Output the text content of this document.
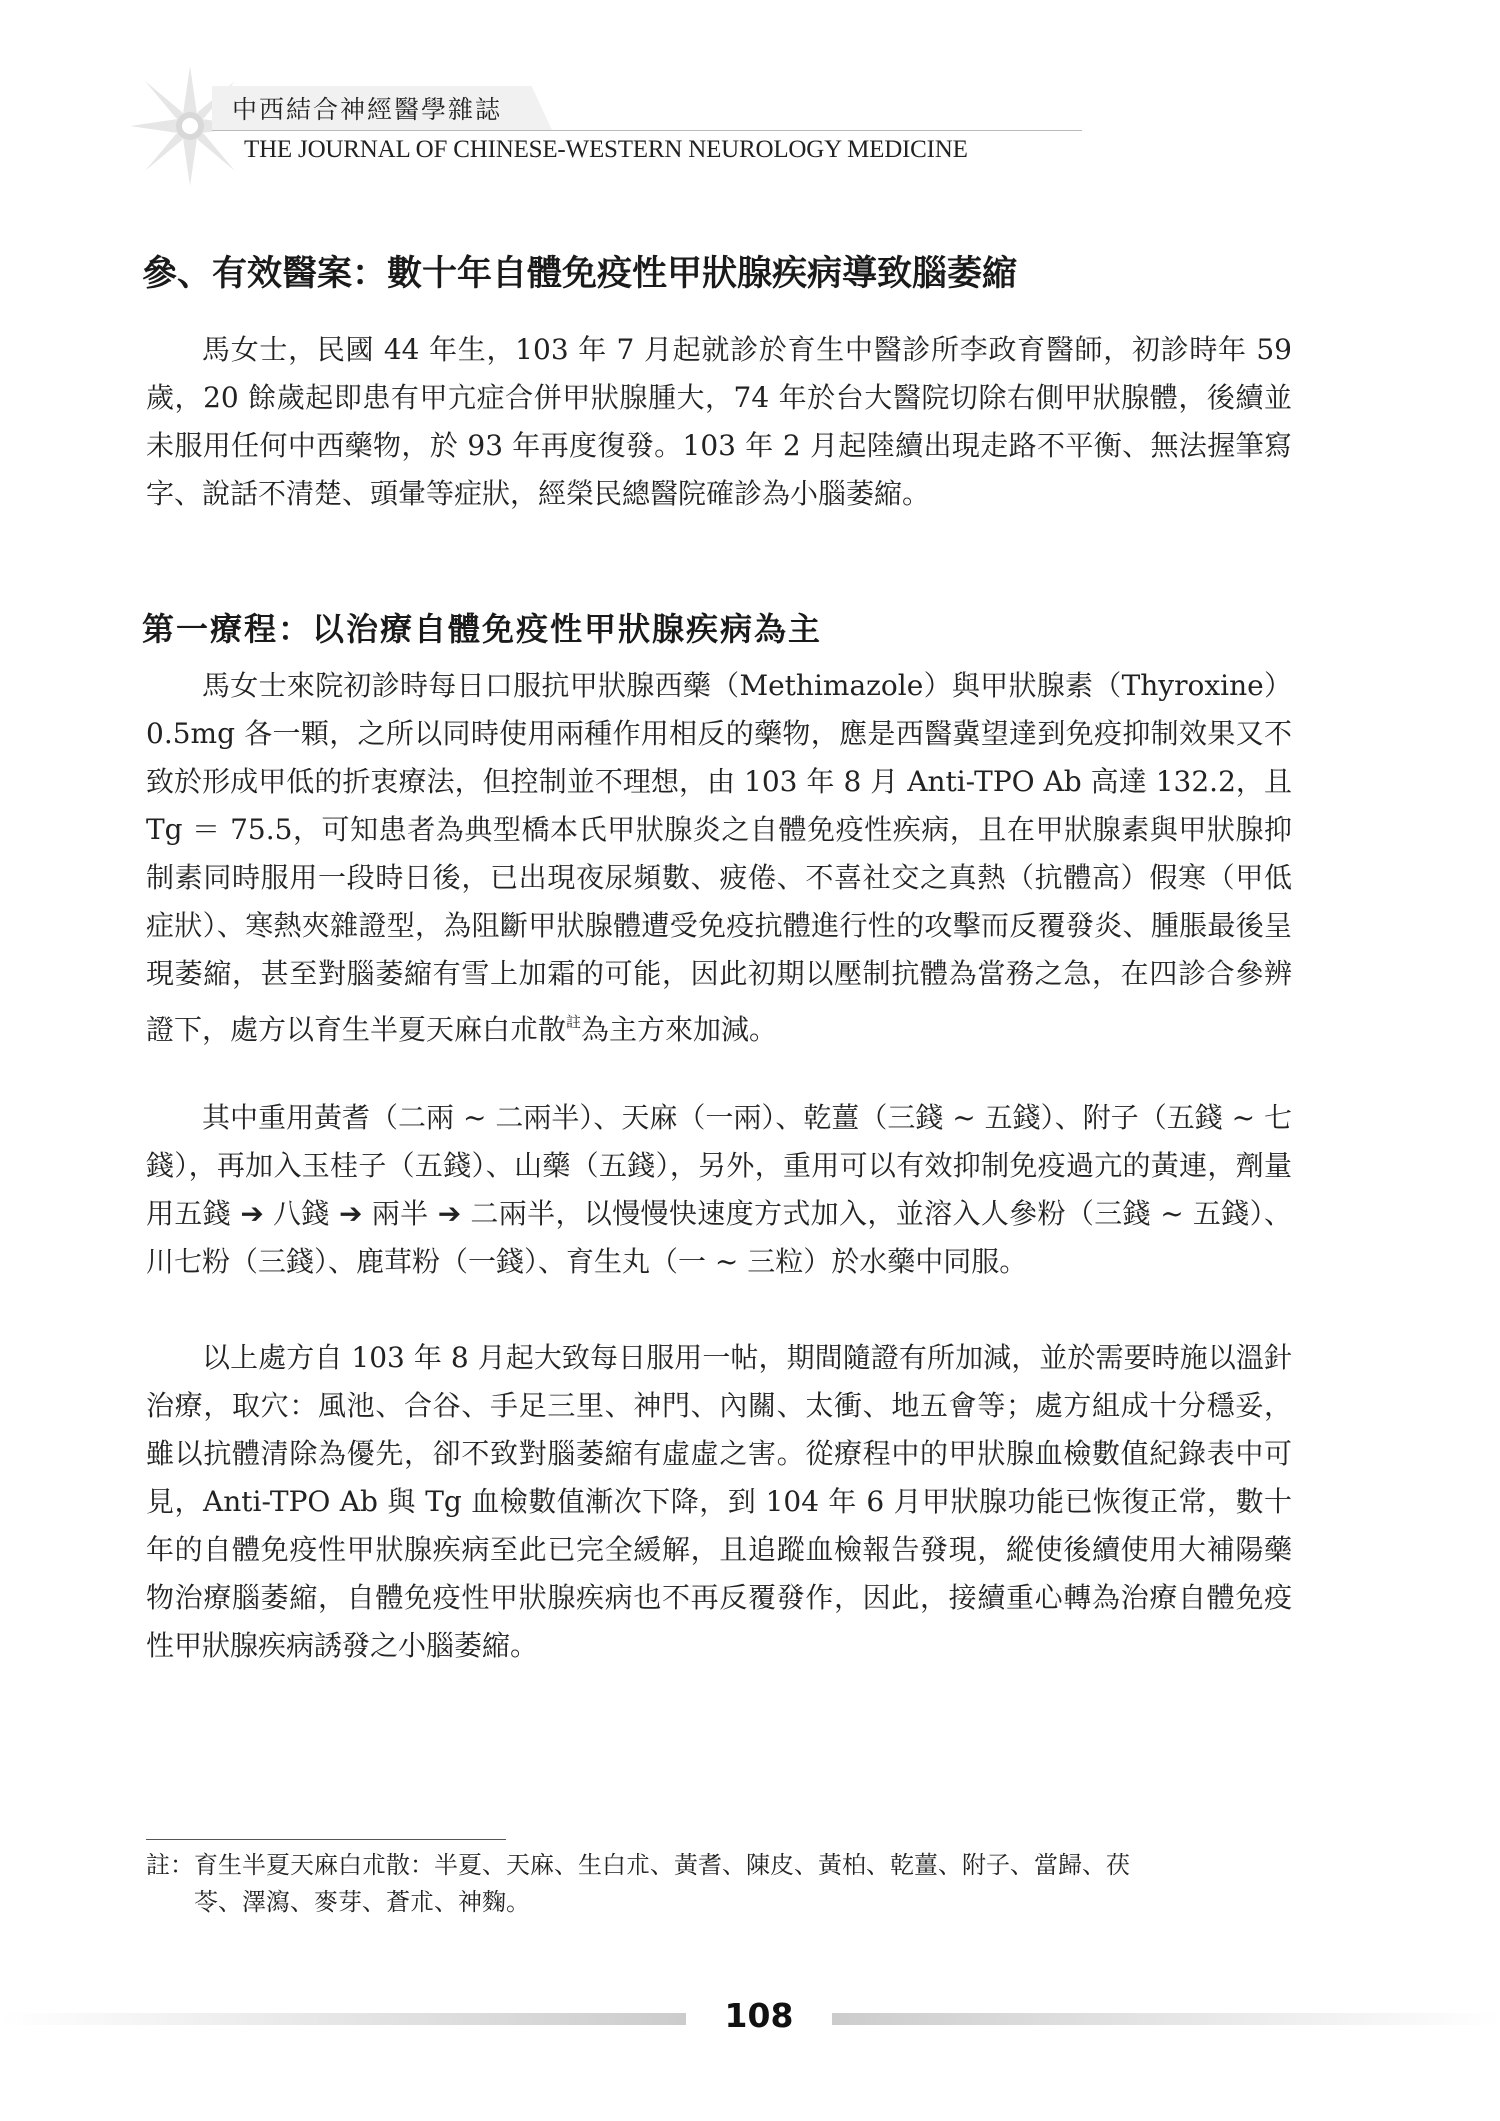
中西結合神經醫學雜誌
THE JOURNAL OF CHINESE-WESTERN NEUROLOGY MEDICINE
參、有效醫案：數十年自體免疫性甲狀腺疾病導致腦萎縮

馬女士，民國 44 年生，103 年 7 月起就診於育生中醫診所李政育醫師，初診時年 59 歲，20 餘歲起即患有甲亢症合併甲狀腺腫大，74 年於台大醫院切除右側甲狀腺體，後續並未服用任何中西藥物，於 93 年再度復發。103 年 2 月起陸續出現走路不平衡、無法握筆寫字、說話不清楚、頭暈等症狀，經榮民總醫院確診為小腦萎縮。

第一療程：以治療自體免疫性甲狀腺疾病為主

馬女士來院初診時每日口服抗甲狀腺西藥（Methimazole）與甲狀腺素（Thyroxine）0.5mg 各一顆，之所以同時使用兩種作用相反的藥物，應是西醫冀望達到免疫抑制效果又不致於形成甲低的折衷療法，但控制並不理想，由 103 年 8 月 Anti-TPO Ab 高達 132.2，且 Tg ＝ 75.5，可知患者為典型橋本氏甲狀腺炎之自體免疫性疾病，且在甲狀腺素與甲狀腺抑制素同時服用一段時日後，已出現夜尿頻數、疲倦、不喜社交之真熱（抗體高）假寒（甲低症狀）、寒熱夾雜證型，為阻斷甲狀腺體遭受免疫抗體進行性的攻擊而反覆發炎、腫脹最後呈現萎縮，甚至對腦萎縮有雪上加霜的可能，因此初期以壓制抗體為當務之急，在四診合參辨證下，處方以育生半夏天麻白朮散$^註$為主方來加減。

其中重用黃耆（二兩 ~ 二兩半）、天麻（一兩）、乾薑（三錢 ~ 五錢）、附子（五錢 ~ 七錢），再加入玉桂子（五錢）、山藥（五錢），另外，重用可以有效抑制免疫過亢的黃連，劑量用五錢 ➔ 八錢 ➔ 兩半 ➔ 二兩半，以慢慢快速度方式加入，並溶入人參粉（三錢 ~ 五錢）、川七粉（三錢）、鹿茸粉（一錢）、育生丸（一 ~ 三粒）於水藥中同服。

以上處方自 103 年 8 月起大致每日服用一帖，期間隨證有所加減，並於需要時施以溫針治療，取穴：風池、合谷、手足三里、神門、內關、太衝、地五會等；處方組成十分穩妥，雖以抗體清除為優先，卻不致對腦萎縮有虛虛之害。從療程中的甲狀腺血檢數值紀錄表中可見，Anti-TPO Ab 與 Tg 血檢數值漸次下降，到 104 年 6 月甲狀腺功能已恢復正常，數十年的自體免疫性甲狀腺疾病至此已完全緩解，且追蹤血檢報告發現，縱使後續使用大補陽藥物治療腦萎縮，自體免疫性甲狀腺疾病也不再反覆發作，因此，接續重心轉為治療自體免疫性甲狀腺疾病誘發之小腦萎縮。

註：育生半夏天麻白朮散：半夏、天麻、生白朮、黃耆、陳皮、黃柏、乾薑、附子、當歸、茯
苓、澤瀉、麥芽、蒼朮、神麴。
108
